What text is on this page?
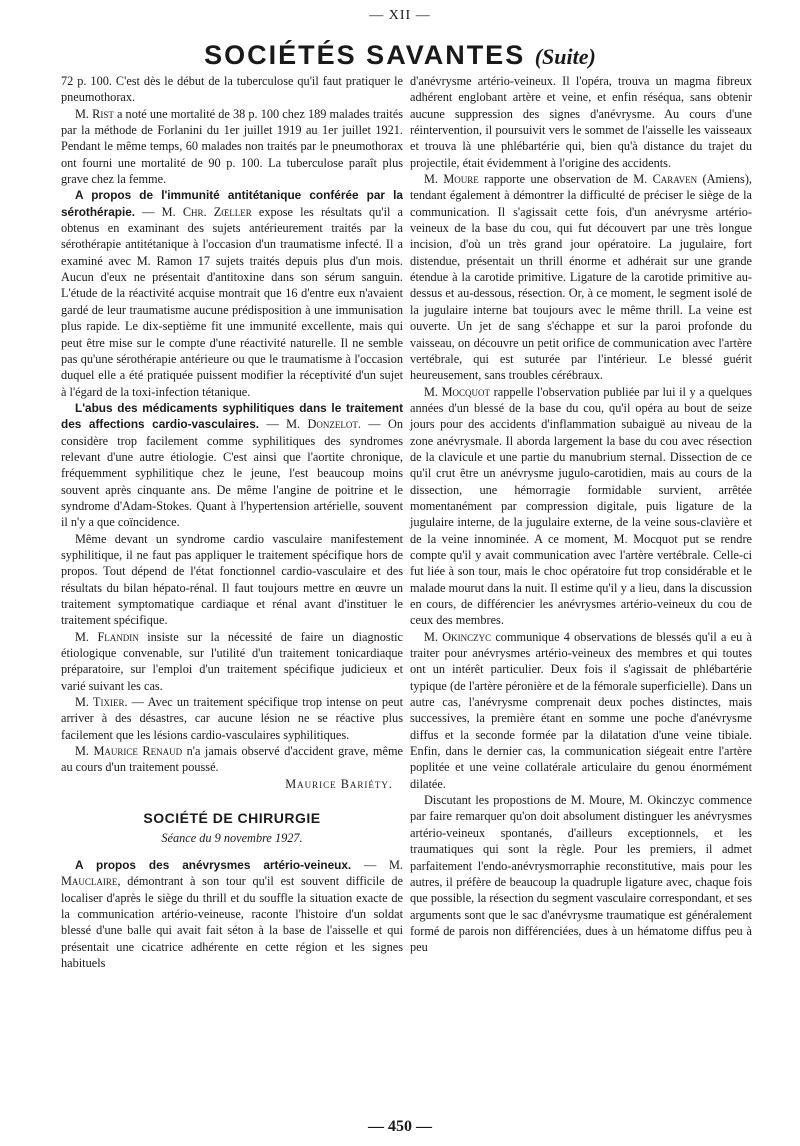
— XII —
SOCIÉTÉS SAVANTES (Suite)

72 p. 100. C'est dès le début de la tuberculose qu'il faut pratiquer le pneumothorax.

M. Rist a noté une mortalité de 38 p. 100 chez 189 malades traités par la méthode de Forlanini du 1er juillet 1919 au 1er juillet 1921. Pendant le même temps, 60 malades non traités par le pneumothorax ont fourni une mortalité de 90 p. 100. La tuberculose paraît plus grave chez la femme.

A propos de l'immunité antitétanique conférée par la sérothérapie. — M. Chr. Zœller expose les résultats qu'il a obtenus en examinant des sujets antérieurement traités par la sérothérapie antitétanique à l'occasion d'un traumatisme infecté. Il a examiné avec M. Ramon 17 sujets traités depuis plus d'un mois. Aucun d'eux ne présentait d'antitoxine dans son sérum sanguin. L'étude de la réactivité acquise montrait que 16 d'entre eux n'avaient gardé de leur traumatisme aucune prédisposition à une immunisation plus rapide. Le dix-septième fit une immunité excellente, mais qui peut être mise sur le compte d'une réactivité naturelle. Il ne semble pas qu'une sérothérapie antérieure ou que le traumatisme à l'occasion duquel elle a été pratiquée puissent modifier la réceptivité d'un sujet à l'égard de la toxi-infection tétanique.

L'abus des médicaments syphilitiques dans le traitement des affections cardio-vasculaires. — M. Donzelot. — On considère trop facilement comme syphilitiques des syndromes relevant d'une autre étiologie. C'est ainsi que l'aortite chronique, fréquemment syphilitique chez le jeune, l'est beaucoup moins souvent après cinquante ans. De même l'angine de poitrine et le syndrome d'Adam-Stokes. Quant à l'hypertension artérielle, souvent il n'y a que coïncidence.

Même devant un syndrome cardio vasculaire manifestement syphilitique, il ne faut pas appliquer le traitement spécifique hors de propos. Tout dépend de l'état fonctionnel cardio-vasculaire et des résultats du bilan hépato-rénal. Il faut toujours mettre en œuvre un traitement symptomatique cardiaque et rénal avant d'instituer le traitement spécifique.

M. Flandin insiste sur la nécessité de faire un diagnostic étiologique convenable, sur l'utilité d'un traitement tonicardiaque préparatoire, sur l'emploi d'un traitement spécifique judicieux et varié suivant les cas.

M. Tixier. — Avec un traitement spécifique trop intense on peut arriver à des désastres, car aucune lésion ne se réactive plus facilement que les lésions cardio-vasculaires syphilitiques.

M. Maurice Renaud n'a jamais observé d'accident grave, même au cours d'un traitement poussé.

Maurice Bariéty.

SOCIÉTÉ DE CHIRURGIE

Séance du 9 novembre 1927.

A propos des anévrysmes artério-veineux. — M. Mauclaire, démontrant à son tour qu'il est souvent difficile de localiser d'après le siège du thrill et du souffle la situation exacte de la communication artério-veineuse, raconte l'histoire d'un soldat blessé d'une balle qui avait fait séton à la base de l'aisselle et qui présentait une cicatrice adhérente en cette région et les signes habituels

d'anévrysme artério-veineux. Il l'opéra, trouva un magma fibreux adhérent englobant artère et veine, et enfin réséqua, sans obtenir aucune suppression des signes d'anévrysme. Au cours d'une réintervention, il poursuivit vers le sommet de l'aisselle les vaisseaux et trouva là une phlébartérie qui, bien qu'à distance du trajet du projectile, était évidemment à l'origine des accidents.

M. Moure rapporte une observation de M. Caraven (Amiens), tendant également à démontrer la difficulté de préciser le siège de la communication. Il s'agissait cette fois, d'un anévrysme artério-veineux de la base du cou, qui fut découvert par une très longue incision, d'où un très grand jour opératoire. La jugulaire, fort distendue, présentait un thrill énorme et adhérait sur une grande étendue à la carotide primitive. Ligature de la carotide primitive au-dessus et au-dessous, résection. Or, à ce moment, le segment isolé de la jugulaire interne bat toujours avec le même thrill. La veine est ouverte. Un jet de sang s'échappe et sur la paroi profonde du vaisseau, on découvre un petit orifice de communication avec l'artère vertébrale, qui est suturée par l'intérieur. Le blessé guérit heureusement, sans troubles cérébraux.

M. Mocquot rappelle l'observation publiée par lui il y a quelques années d'un blessé de la base du cou, qu'il opéra au bout de seize jours pour des accidents d'inflammation subaiguë au niveau de la zone anévrysmale. Il aborda largement la base du cou avec résection de la clavicule et une partie du manubrium sternal. Dissection de ce qu'il crut être un anévrysme jugulo-carotidien, mais au cours de la dissection, une hémorragie formidable survient, arrêtée momentanément par compression digitale, puis ligature de la jugulaire interne, de la jugulaire externe, de la veine sous-clavière et de la veine innominée. A ce moment, M. Mocquot put se rendre compte qu'il y avait communication avec l'artère vertébrale. Celle-ci fut liée à son tour, mais le choc opératoire fut trop considérable et le malade mourut dans la nuit. Il estime qu'il y a lieu, dans la discussion en cours, de différencier les anévrysmes artério-veineux du cou de ceux des membres.

M. Okinczyc communique 4 observations de blessés qu'il a eu à traiter pour anévrysmes artério-veineux des membres et qui toutes ont un intérêt particulier. Deux fois il s'agissait de phlébartérie typique (de l'artère péronière et de la fémorale superficielle). Dans un autre cas, l'anévrysme comprenait deux poches distinctes, mais successives, la première étant en somme une poche d'anévrysme diffus et la seconde formée par la dilatation d'une veine tibiale. Enfin, dans le dernier cas, la communication siégeait entre l'artère poplitée et une veine collatérale articulaire du genou énormément dilatée.

Discutant les propostions de M. Moure, M. Okinczyc commence par faire remarquer qu'on doit absolument distinguer les anévrysmes artério-veineux spontanés, d'ailleurs exceptionnels, et les traumatiques qui sont la règle. Pour les premiers, il admet parfaitement l'endo-anévrysmorraphie reconstitutive, mais pour les autres, il préfère de beaucoup la quadruple ligature avec, chaque fois que possible, la résection du segment vasculaire correspondant, et ses arguments sont que le sac d'anévrysme traumatique est généralement formé de parois non différenciées, dues à un hématome diffus peu à peu

— 450 —
